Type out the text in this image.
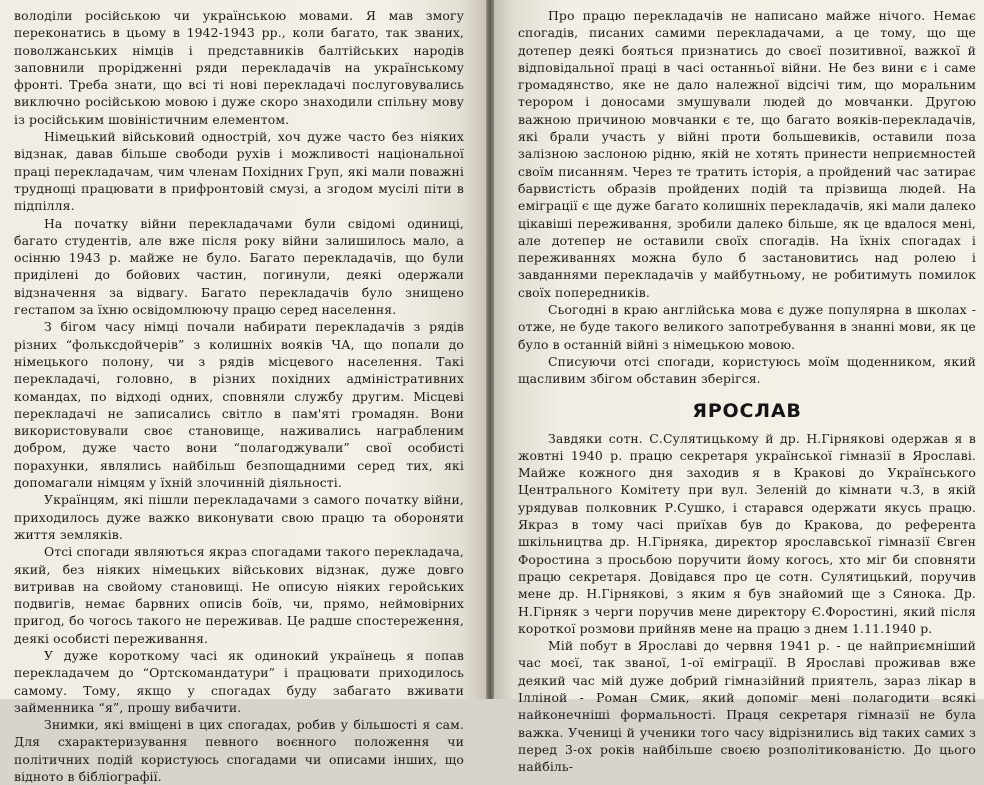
володіли російською чи українською мовами. Я мав змогу переконатись в цьому в 1942-1943 рр., коли багато, так званих, поволжанських німців і представників балтійських народів заповнили прорідженні ряди перекладачів на українському фронті. Треба знати, що всі ті нові перекладачі послуговувались виключно російською мовою і дуже скоро знаходили спільну мову із російським шовіністичним елементом.

Німецький військовий однострій, хоч дуже часто без ніяких відзнак, давав більше свободи рухів і можливості національної праці перекладачам, чим членам Похідних Груп, які мали поважні труднощі працювати в прифронтовій смузі, а згодом мусілі піти в підпілля.

На початку війни перекладачами були свідомі одиниці, багато студентів, але вже після року війни залишилось мало, а осінню 1943 р. майже не було. Багато перекладачів, що були приділені до бойових частин, погинули, деякі одержали відзначення за відвагу. Багато перекладачів було знищено гестапом за їхню освідомлюючу працю серед населення.

З бігом часу німці почали набирати перекладачів з рядів різних “фольксдойчерів” з колишніх вояків ЧА, що попали до німецького полону, чи з рядів місцевого населення. Такі перекладачі, головно, в різних похідних адміністративних командах, по відході одних, сповняли службу другим. Місцеві перекладачі не записались світло в пам'яті громадян. Вони використовували своє становище, наживались награбленим добром, дуже часто вони “полагоджували” свої особисті порахунки, являлись найбільш безпощадними серед тих, які допомагали німцям у їхній злочинній діяльності.

Українцям, які пішли перекладачами з самого початку війни, приходилось дуже важко виконувати свою працю та обороняти життя земляків.

Отсі спогади являються якраз спогадами такого перекладача, який, без ніяких німецьких військових відзнак, дуже довго витривав на свойому становищі. Не описую ніяких геройських подвигів, немає барвних описів боїв, чи, прямо, неймовірних пригод, бо чогось такого не переживав. Це радше спостереження, деякі особисті переживання.

У дуже короткому часі як одинокий українець я попав перекладачем до “Ортскомандатури” і працювати приходилось самому. Тому, якщо у спогадах буду забагато вживати займенника “я”, прошу вибачити.

Знимки, які вміщені в цих спогадах, робив у більшості я сам. Для схарактеризування певного воєнного положення чи політичних подій користуюсь спогадами чи описами інших, що відното в бібліографії.

Про працю перекладачів не написано майже нічого. Немає спогадів, писаних самими перекладачами, а це тому, що ще дотепер деякі бояться признатись до своєї позитивної, важкої й відповідальної праці в часі останньої війни. Не без вини є і саме громадянство, яке не дало належної відсічі тим, що моральним терором і доносами змушували людей до мовчанки. Другою важною причиною мовчанки є те, що багато вояків-перекладачів, які брали участь у війні проти большевиків, оставили поза залізною заслоною рідню, якій не хотять принести неприємностей своїм писанням. Через те тратить історія, а пройдений час затирає барвистість образів пройдених подій та прізвища людей. На еміграції є ще дуже багато колишніх перекладачів, які мали далеко цікавіші переживання, зробили далеко більше, як це вдалося мені, але дотепер не оставили своїх спогадів. На їхніх спогадах і переживаннях можна було б застановитись над ролею і завданнями перекладачів у майбутньому, не робитимуть помилок своїх попередників.

Сьогодні в краю англійська мова є дуже популярна в школах - отже, не буде такого великого запотребування в знанні мови, як це було в останній війні з німецькою мовою.

Списуючи отсі спогади, користуюсь моїм щоденником, який щасливим збігом обставин зберігся.

ЯРОСЛАВ

Завдяки сотн. С.Сулятицькому й др. Н.Гірнякові одержав я в жовтні 1940 р. працю секретаря української гімназії в Ярославі. Майже кожного дня заходив я в Кракові до Українського Центрального Комітету при вул. Зеленій до кімнати ч.3, в якій урядував полковник Р.Сушко, і старався одержати якусь працю. Якраз в тому часі приїхав був до Кракова, до референта шкільництва др. Н.Гірняка, директор ярославської гімназії Євген Форостина з просьбою поручити йому когось, хто міг би сповняти працю секретаря. Довідався про це сотн. Сулятицький, поручив мене др. Н.Гірнякові, з яким я був знайомий ще з Сянока. Др. Н.Гірняк з черги поручив мене директору Є.Форостині, який після короткої розмови прийняв мене на працю з днем 1.11.1940 р.

Мій побут в Ярославі до червня 1941 р. - це найприємніший час моєї, так званої, 1-ої еміграції. В Ярославі проживав вже деякий час мій дуже добрий гімназійний приятель, зараз лікар в Ілліной - Роман Смик, який допоміг мені полагодити всякі найконечніші формальності. Праця секретаря гімназії не була важка. Учениці й ученики того часу відрізнились від таких самих з перед 3-ох років найбільше своєю розполітикованістю. До цього найбіль-
